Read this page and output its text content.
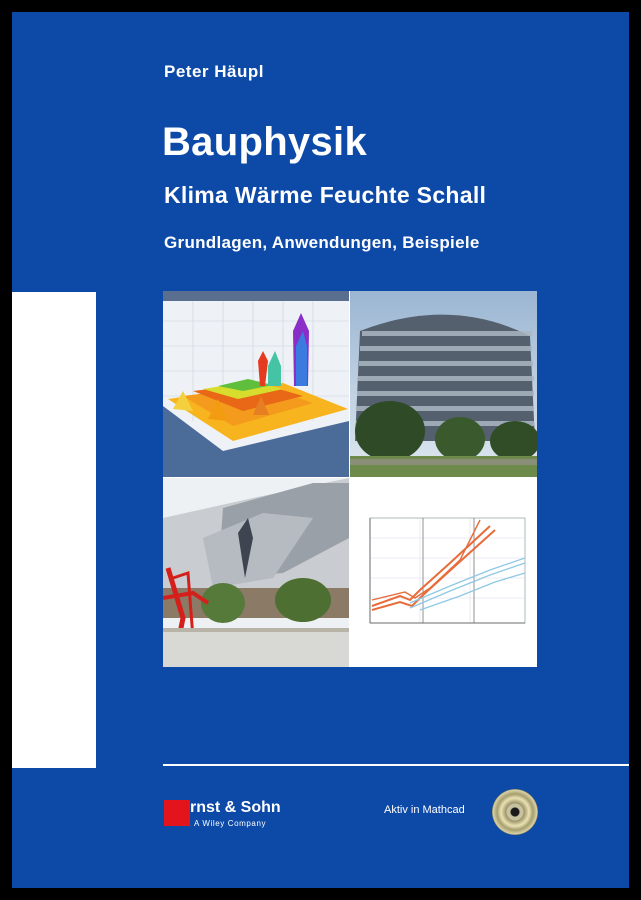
Peter Häupl
Bauphysik
Klima Wärme Feuchte Schall
Grundlagen, Anwendungen, Beispiele
rnst & Sohn
A Wiley Company
Aktiv in Mathcad
